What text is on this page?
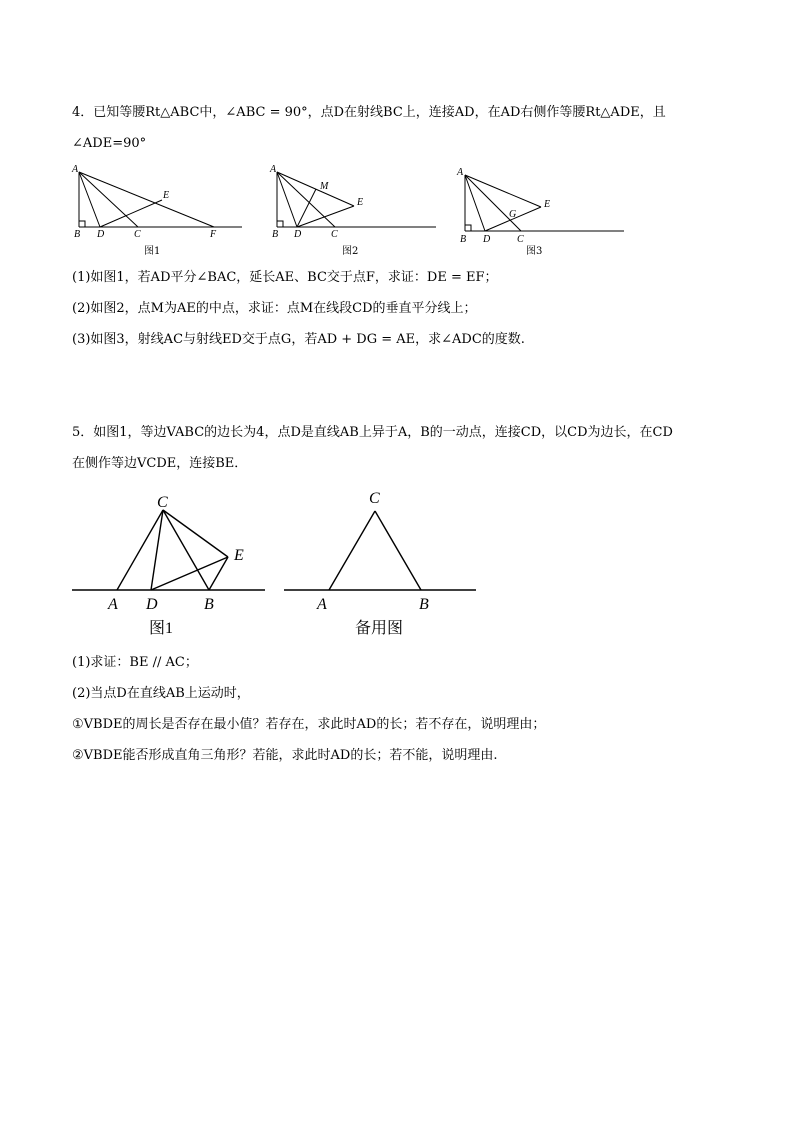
4．已知等腰Rt△ABC中，∠ABC = 90°，点D在射线BC上，连接AD，在AD右侧作等腰Rt△ADE，且
∠ADE=90°
A
B D	C
E
F
图1
A
M
E
B D	C
图2
A
E
G
B D	C
图3
(1)如图1，若AD平分∠BAC，延长AE、BC交于点F，求证：DE = EF；
(2)如图2，点M为AE的中点，求证：点M在线段CD的垂直平分线上；
(3)如图3，射线AC与射线ED交于点G，若AD + DG = AE，求∠ADC的度数.
5．如图1，等边VABC的边长为4，点D是直线AB上异于A，B的一动点，连接CD，以CD为边长，在CD
在侧作等边VCDE，连接BE．
C
E
A D	B
图1
C
A	B
备用图
(1)求证：BE // AC；
(2)当点D在直线AB上运动时，
①VBDE的周长是否存在最小值？若存在，求此时AD的长；若不存在，说明理由；
②VBDE能否形成直角三角形？若能，求此时AD的长；若不能，说明理由.
